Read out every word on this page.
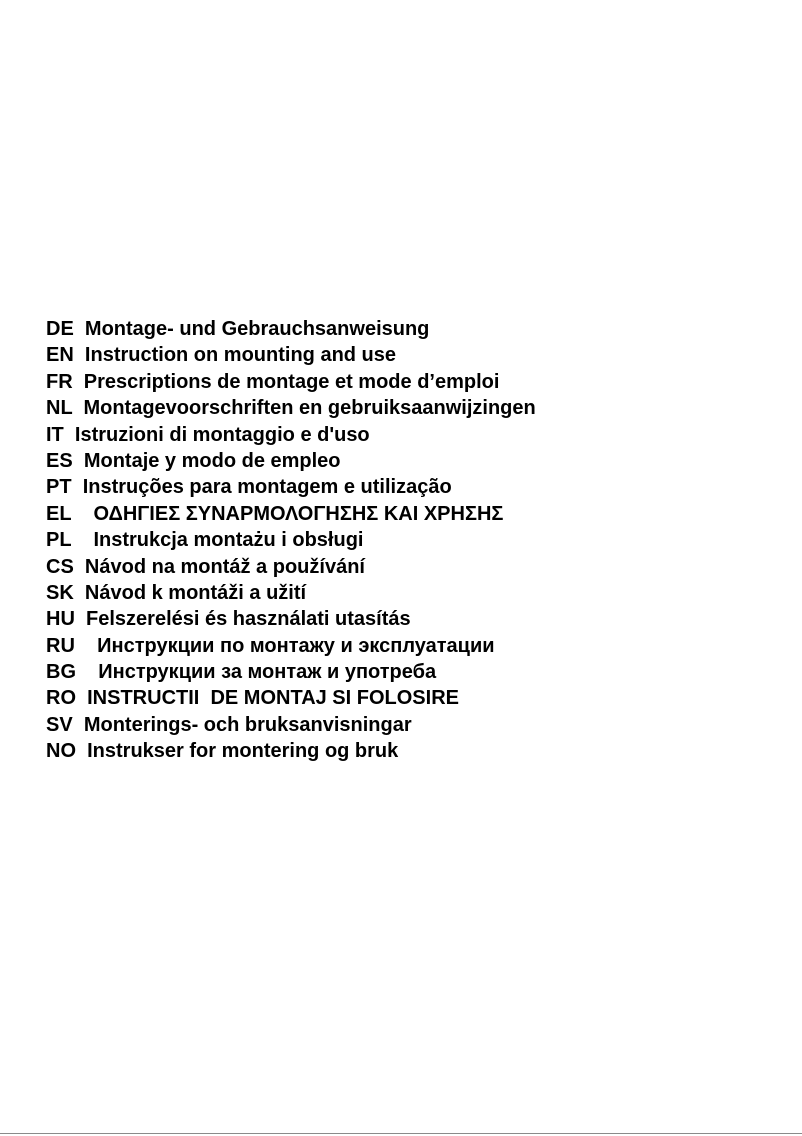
DE Montage- und Gebrauchsanweisung
EN Instruction on mounting and use
FR Prescriptions de montage et mode d’emploi
NL Montagevoorschriften en gebruiksaanwijzingen
IT Istruzioni di montaggio e d'uso
ES Montaje y modo de empleo
PT Instruções para montagem e utilização
EL ΟΔΗΓΙΕΣ ΣΥΝΑΡΜΟΛΟΓΗΣΗΣ ΚΑΙ ΧΡΗΣΗΣ
PL Instrukcja montażu i obsługi
CS Návod na montáž a používání
SK Návod k montáži a užití
HU Felszerelési és használati utasítás
RU Инструкции по монтажу и эксплуатации
BG Инструкции за монтаж и употреба
RO INSTRUCTII  DE MONTAJ SI FOLOSIRE
SV Monterings- och bruksanvisningar
NO Instrukser for montering og bruk
